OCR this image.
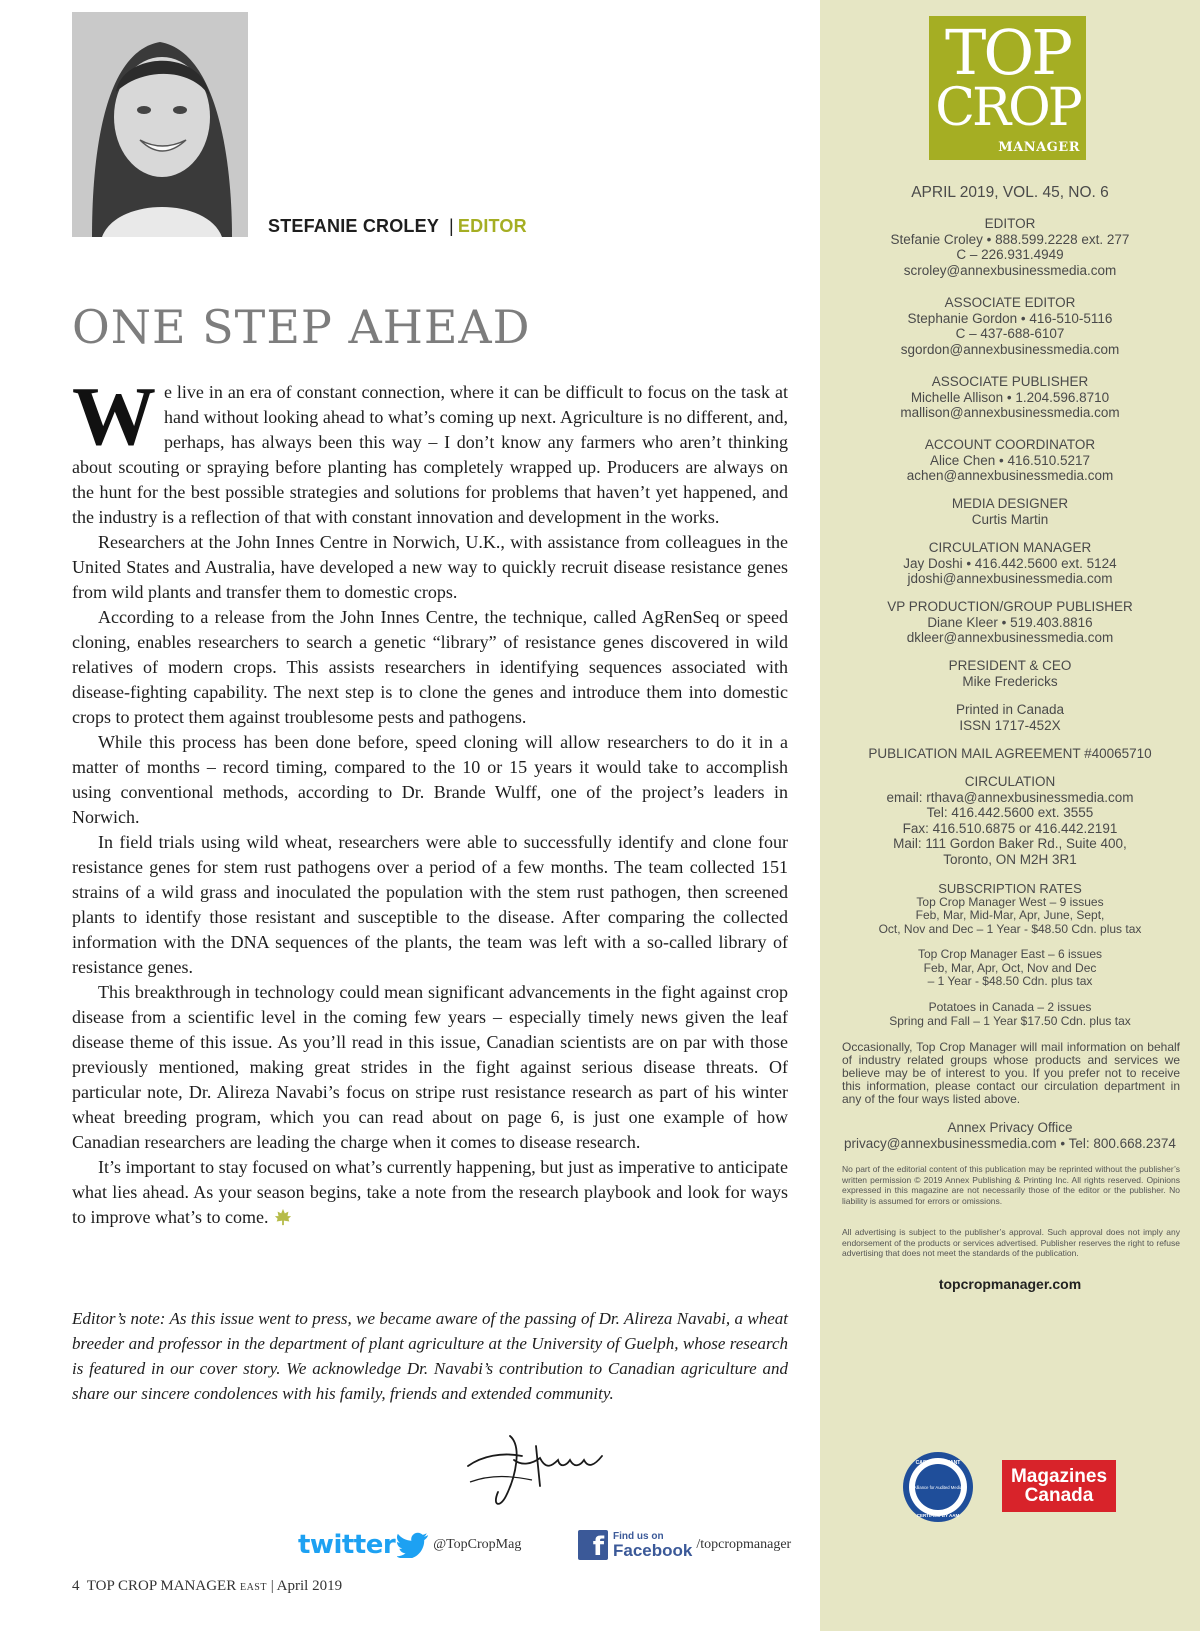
STEFANIE CROLEY | EDITOR
ONE STEP AHEAD

We live in an era of constant connection, where it can be difficult to focus on the task at hand without looking ahead to what’s coming up next. Agriculture is no different, and, perhaps, has always been this way – I don’t know any farmers who aren’t thinking about scouting or spraying before planting has completely wrapped up. Producers are always on the hunt for the best possible strategies and solutions for problems that haven’t yet happened, and the industry is a reflection of that with constant innovation and development in the works.

Researchers at the John Innes Centre in Norwich, U.K., with assistance from colleagues in the United States and Australia, have developed a new way to quickly recruit disease resistance genes from wild plants and transfer them to domestic crops.

According to a release from the John Innes Centre, the technique, called AgRenSeq or speed cloning, enables researchers to search a genetic “library” of resistance genes discovered in wild relatives of modern crops. This assists researchers in identifying sequences associated with disease-fighting capability. The next step is to clone the genes and introduce them into domestic crops to protect them against troublesome pests and pathogens.

While this process has been done before, speed cloning will allow researchers to do it in a matter of months – record timing, compared to the 10 or 15 years it would take to accomplish using conventional methods, according to Dr. Brande Wulff, one of the project’s leaders in Norwich.

In field trials using wild wheat, researchers were able to successfully identify and clone four resistance genes for stem rust pathogens over a period of a few months. The team collected 151 strains of a wild grass and inoculated the population with the stem rust pathogen, then screened plants to identify those resistant and susceptible to the disease. After comparing the collected information with the DNA sequences of the plants, the team was left with a so-called library of resistance genes.

This breakthrough in technology could mean significant advancements in the fight against crop disease from a scientific level in the coming few years – especially timely news given the leaf disease theme of this issue. As you’ll read in this issue, Canadian scientists are on par with those previously mentioned, making great strides in the fight against serious disease threats. Of particular note, Dr. Alireza Navabi’s focus on stripe rust resistance research as part of his winter wheat breeding program, which you can read about on page 6, is just one example of how Canadian researchers are leading the charge when it comes to disease research.

It’s important to stay focused on what’s currently happening, but just as imperative to anticipate what lies ahead. As your season begins, take a note from the research playbook and look for ways to improve what’s to come.

Editor’s note: As this issue went to press, we became aware of the passing of Dr. Alireza Navabi, a wheat breeder and professor in the department of plant agriculture at the University of Guelph, whose research is featured in our cover story. We acknowledge Dr. Navabi’s contribution to Canadian agriculture and share our sincere condolences with his family, friends and extended community.
twitter	@TopCropMag	f Find us on
Facebook /topcropmanager
4 TOP CROP MANAGER EAST | April 2019
TOP
CROP
MANAGER
APRIL 2019, VOL. 45, NO. 6
EDITOR
Stefanie Croley • 888.599.2228 ext. 277
C – 226.931.4949
scroley@annexbusinessmedia.com
ASSOCIATE EDITOR
Stephanie Gordon • 416-510-5116
C – 437-688-6107
sgordon@annexbusinessmedia.com
ASSOCIATE PUBLISHER
Michelle Allison • 1.204.596.8710
mallison@annexbusinessmedia.com
ACCOUNT COORDINATOR
Alice Chen • 416.510.5217
achen@annexbusinessmedia.com
MEDIA DESIGNER
Curtis Martin
CIRCULATION MANAGER
Jay Doshi • 416.442.5600 ext. 5124
jdoshi@annexbusinessmedia.com
VP PRODUCTION/GROUP PUBLISHER
Diane Kleer • 519.403.8816
dkleer@annexbusinessmedia.com
PRESIDENT & CEO
Mike Fredericks
Printed in Canada
ISSN 1717-452X
PUBLICATION MAIL AGREEMENT #40065710
CIRCULATION
email: rthava@annexbusinessmedia.com
Tel: 416.442.5600 ext. 3555
Fax: 416.510.6875 or 416.442.2191
Mail: 111 Gordon Baker Rd., Suite 400,
Toronto, ON M2H 3R1
SUBSCRIPTION RATES
Top Crop Manager West – 9 issues
Feb, Mar, Mid-Mar, Apr, June, Sept,
Oct, Nov and Dec – 1 Year - $48.50 Cdn. plus tax
Top Crop Manager East – 6 issues
Feb, Mar, Apr, Oct, Nov and Dec
– 1 Year - $48.50 Cdn. plus tax
Potatoes in Canada – 2 issues
Spring and Fall – 1 Year $17.50 Cdn. plus tax
Occasionally, Top Crop Manager will mail information on behalf of industry related groups whose products and services we believe may be of interest to you. If you prefer not to receive this information, please contact our circulation department in any of the four ways listed above.
Annex Privacy Office
privacy@annexbusinessmedia.com • Tel: 800.668.2374
No part of the editorial content of this publication may be reprinted without the publisher’s written permission © 2019 Annex Publishing & Printing Inc. All rights reserved. Opinions expressed in this magazine are not necessarily those of the editor or the publisher. No liability is assumed for errors or omissions.
All advertising is subject to the publisher’s approval. Such approval does not imply any endorsement of the products or services advertised. Publisher reserves the right to refuse advertising that does not meet the standards of the publication.
topcropmanager.com
CASL COMPLIANT
Alliance for Audited Media
CERTIFIED BY AAM
Magazines
Canada
